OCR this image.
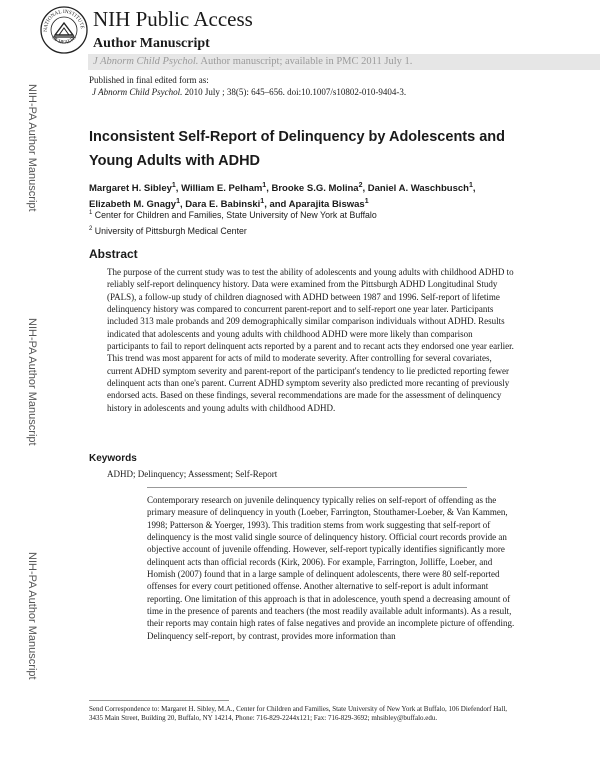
NATIONAL INSTITUTE
OF HEALTH
NIH Public Access
Author Manuscript
J Abnorm Child Psychol. Author manuscript; available in PMC 2011 July 1.
Published in final edited form as:
J Abnorm Child Psychol. 2010 July ; 38(5): 645–656. doi:10.1007/s10802-010-9404-3.
NIH-PA Author Manuscript
NIH-PA Author Manuscript
NIH-PA Author Manuscript
Inconsistent Self-Report of Delinquency by Adolescents and Young Adults with ADHD
Margaret H. Sibley$^1$, William E. Pelham$^1$, Brooke S.G. Molina$^2$, Daniel A. Waschbusch$^1$, Elizabeth M. Gnagy$^1$, Dara E. Babinski$^1$, and Aparajita Biswas$^1$
$^1$ Center for Children and Families, State University of New York at Buffalo
$^2$ University of Pittsburgh Medical Center
Abstract
The purpose of the current study was to test the ability of adolescents and young adults with childhood ADHD to reliably self-report delinquency history. Data were examined from the Pittsburgh ADHD Longitudinal Study (PALS), a follow-up study of children diagnosed with ADHD between 1987 and 1996. Self-report of lifetime delinquency history was compared to concurrent parent-report and to self-report one year later. Participants included 313 male probands and 209 demographically similar comparison individuals without ADHD. Results indicated that adolescents and young adults with childhood ADHD were more likely than comparison participants to fail to report delinquent acts reported by a parent and to recant acts they endorsed one year earlier. This trend was most apparent for acts of mild to moderate severity. After controlling for several covariates, current ADHD symptom severity and parent-report of the participant's tendency to lie predicted reporting fewer delinquent acts than one's parent. Current ADHD symptom severity also predicted more recanting of previously endorsed acts. Based on these findings, several recommendations are made for the assessment of delinquency history in adolescents and young adults with childhood ADHD.
Keywords
ADHD; Delinquency; Assessment; Self-Report
Contemporary research on juvenile delinquency typically relies on self-report of offending as the primary measure of delinquency in youth (Loeber, Farrington, Stouthamer-Loeber, & Van Kammen, 1998; Patterson & Yoerger, 1993). This tradition stems from work suggesting that self-report of delinquency is the most valid single source of delinquency history. Official court records provide an objective account of juvenile offending. However, self-report typically identifies significantly more delinquent acts than official records (Kirk, 2006). For example, Farrington, Jolliffe, Loeber, and Homish (2007) found that in a large sample of delinquent adolescents, there were 80 self-reported offenses for every court petitioned offense. Another alternative to self-report is adult informant reporting. One limitation of this approach is that in adolescence, youth spend a decreasing amount of time in the presence of parents and teachers (the most readily available adult informants). As a result, their reports may contain high rates of false negatives and provide an incomplete picture of offending. Delinquency self-report, by contrast, provides more information than
Send Correspondence to: Margaret H. Sibley, M.A., Center for Children and Families, State University of New York at Buffalo, 106 Diefendorf Hall, 3435 Main Street, Building 20, Buffalo, NY 14214, Phone: 716-829-2244x121; Fax: 716-829-3692; mhsibley@buffalo.edu.
